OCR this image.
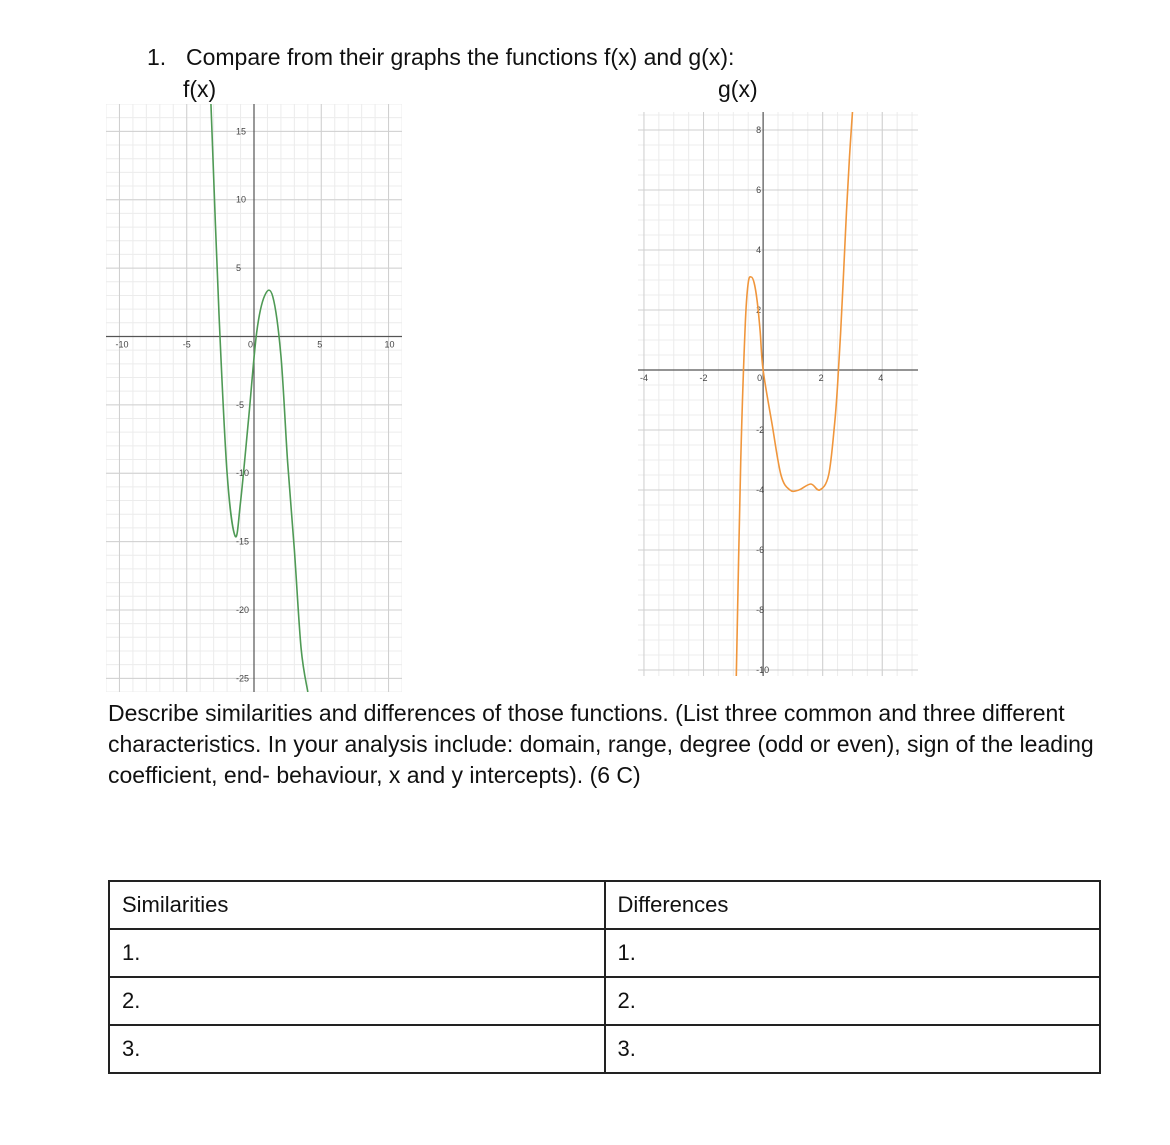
1. Compare from their graphs the functions f(x) and g(x):
f(x)	g(x)
-10	-5	0	5	10
15
10
5
-5
-10
-15
-20
-25
-4	-2	0	2	4
8
6
4
2
-2
-4
-6
-8
-10
Describe similarities and differences of those functions. (List three common and three different characteristics. In your analysis include: domain, range, degree (odd or even), sign of the leading coefficient, end- behaviour, x and y intercepts). (6 C)
Similarities	Differences
1.	1.
2.	2.
3.	3.
